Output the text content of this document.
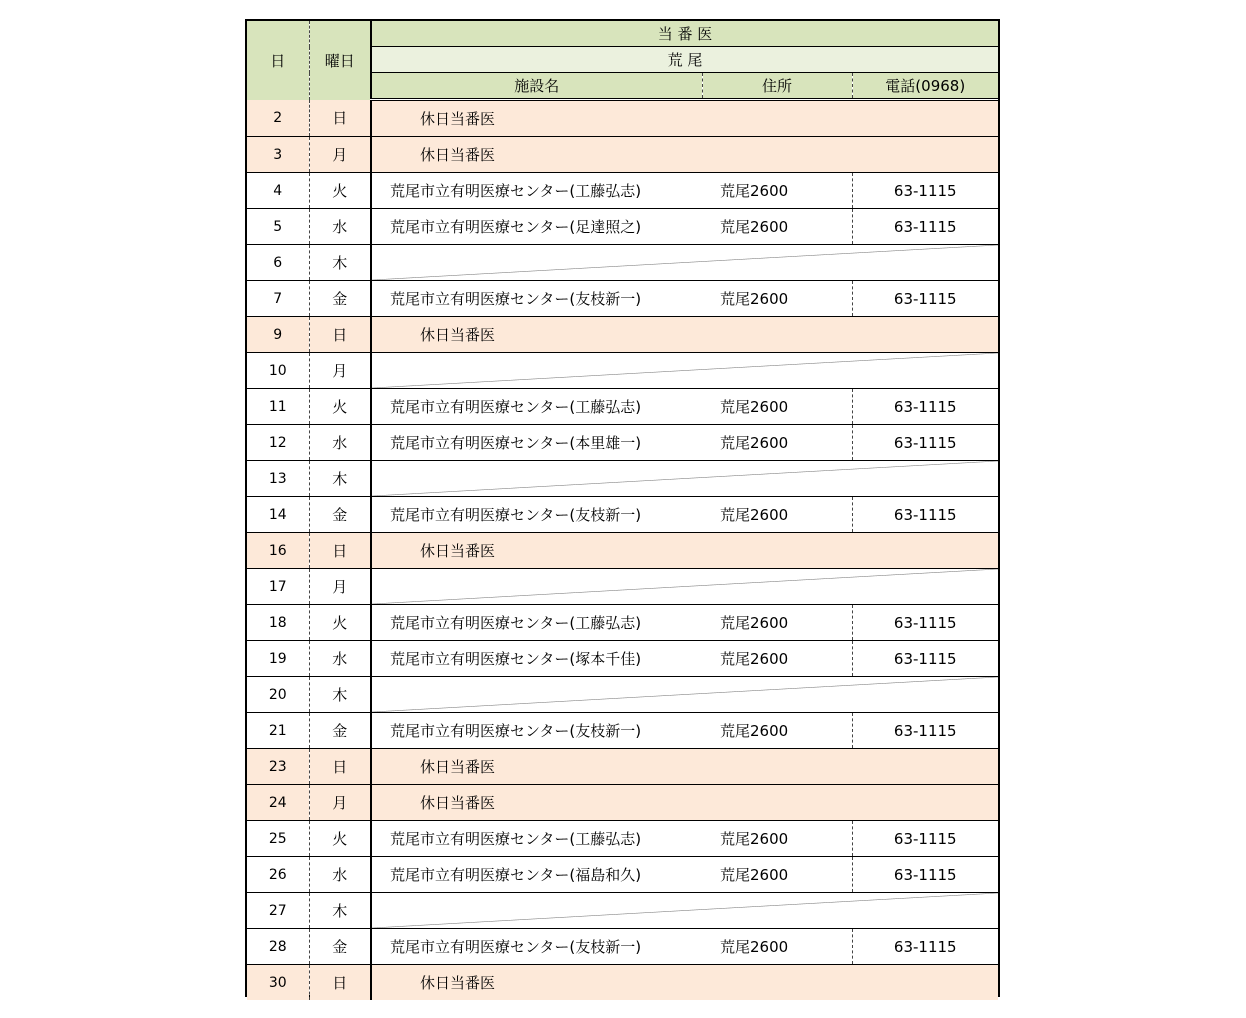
日	曜日	当 番 医		
		荒 尾		
		施設名	住所	電話(0968)
2	日	休日当番医		
3	月	休日当番医		
4	火	荒尾市立有明医療センター(工藤弘志)	荒尾2600	63-1115
5	水	荒尾市立有明医療センター(足達照之)	荒尾2600	63-1115
6	木	

7	金	荒尾市立有明医療センター(友枝新一)	荒尾2600	63-1115
9	日	休日当番医		
10	月	

11	火	荒尾市立有明医療センター(工藤弘志)	荒尾2600	63-1115
12	水	荒尾市立有明医療センター(本里雄一)	荒尾2600	63-1115
13	木	

14	金	荒尾市立有明医療センター(友枝新一)	荒尾2600	63-1115
16	日	休日当番医		
17	月	

18	火	荒尾市立有明医療センター(工藤弘志)	荒尾2600	63-1115
19	水	荒尾市立有明医療センター(塚本千佳)	荒尾2600	63-1115
20	木	

21	金	荒尾市立有明医療センター(友枝新一)	荒尾2600	63-1115
23	日	休日当番医		
24	月	休日当番医		
25	火	荒尾市立有明医療センター(工藤弘志)	荒尾2600	63-1115
26	水	荒尾市立有明医療センター(福島和久)	荒尾2600	63-1115
27	木	

28	金	荒尾市立有明医療センター(友枝新一)	荒尾2600	63-1115
30	日	休日当番医		
